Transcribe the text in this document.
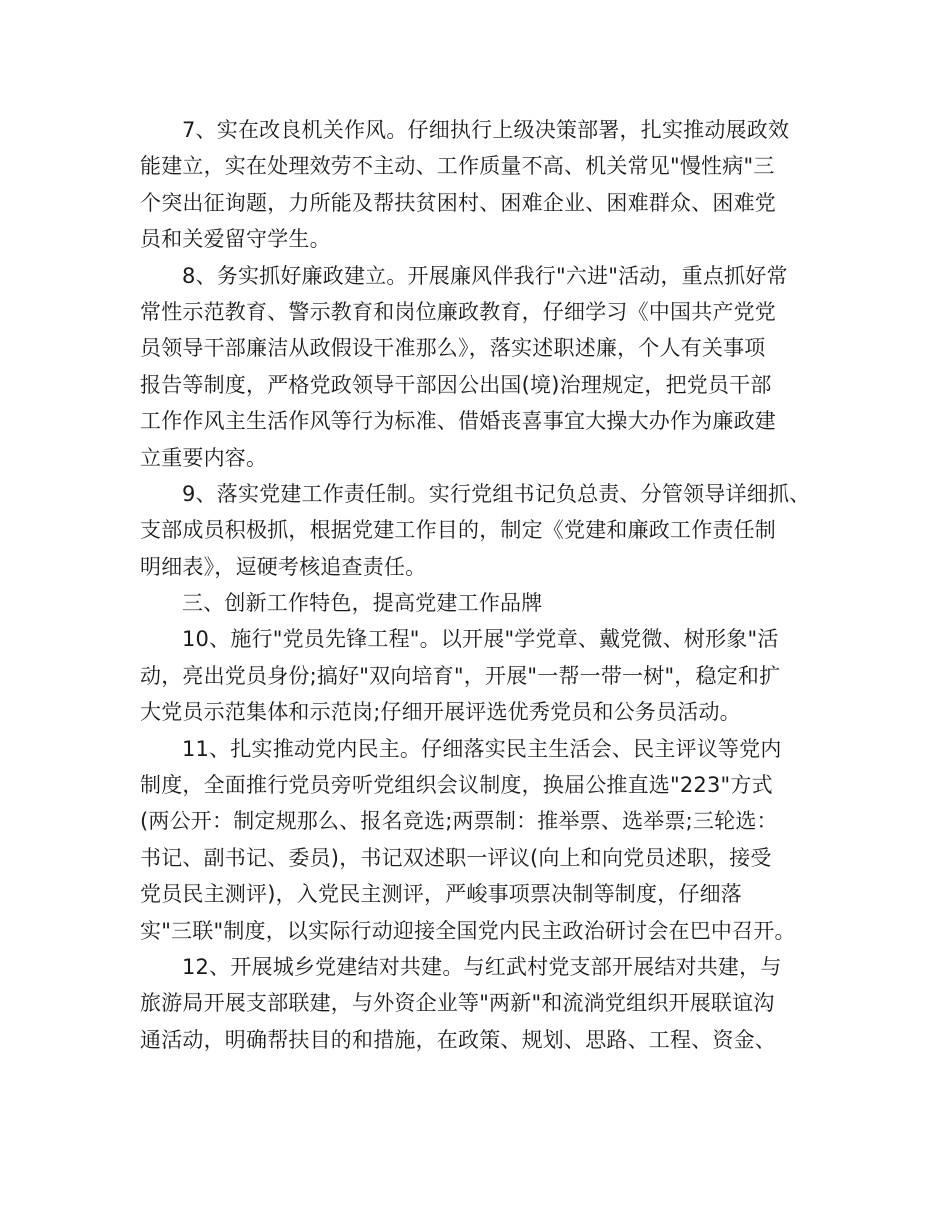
7、实在改良机关作风。仔细执行上级决策部署，扎实推动展政效
能建立，实在处理效劳不主动、工作质量不高、机关常见"慢性病"三
个突出征询题，力所能及帮扶贫困村、困难企业、困难群众、困难党
员和关爱留守学生。
8、务实抓好廉政建立。开展廉风伴我行"六进"活动，重点抓好常
常性示范教育、警示教育和岗位廉政教育，仔细学习《中国共产党党
员领导干部廉洁从政假设干准那么》，落实述职述廉，个人有关事项
报告等制度，严格党政领导干部因公出国(境)治理规定，把党员干部
工作作风主生活作风等行为标准、借婚丧喜事宜大操大办作为廉政建
立重要内容。
9、落实党建工作责任制。实行党组书记负总责、分管领导详细抓、
支部成员积极抓，根据党建工作目的，制定《党建和廉政工作责任制
明细表》，逗硬考核追查责任。
三、创新工作特色，提高党建工作品牌
10、施行"党员先锋工程"。以开展"学党章、戴党微、树形象"活
动，亮出党员身份;搞好"双向培育"，开展"一帮一带一树"，稳定和扩
大党员示范集体和示范岗;仔细开展评选优秀党员和公务员活动。
11、扎实推动党内民主。仔细落实民主生活会、民主评议等党内
制度，全面推行党员旁听党组织会议制度，换届公推直选"223"方式
(两公开：制定规那么、报名竞选;两票制：推举票、选举票;三轮选：
书记、副书记、委员)，书记双述职一评议(向上和向党员述职，接受
党员民主测评)，入党民主测评，严峻事项票决制等制度，仔细落
实"三联"制度，以实际行动迎接全国党内民主政治研讨会在巴中召开。
12、开展城乡党建结对共建。与红武村党支部开展结对共建，与
旅游局开展支部联建，与外资企业等"两新"和流淌党组织开展联谊沟
通活动，明确帮扶目的和措施，在政策、规划、思路、工程、资金、
